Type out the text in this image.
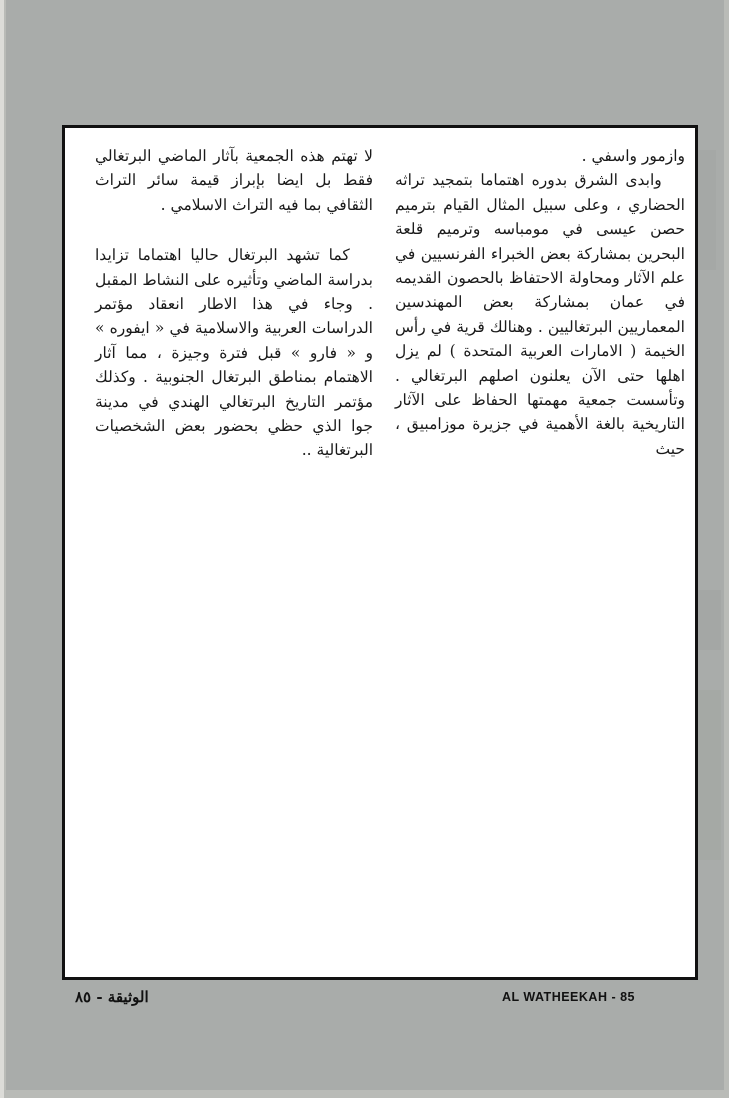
وازمور واسفي .

وابدى الشرق بدوره اهتماما بتمجيد تراثه الحضاري ، وعلى سبيل المثال القيام بترميم حصن عيسى في مومباسه وترميم قلعة البحرين بمشاركة بعض الخبراء الفرنسيين في علم الآثار ومحاولة الاحتفاظ بالحصون القديمه في عمان بمشاركة بعض المهندسين المعماريين البرتغاليين . وهنالك قرية في رأس الخيمة ( الامارات العربية المتحدة ) لم يزل اهلها حتى الآن يعلنون اصلهم البرتغالي . وتأسست جمعية مهمتها الحفاظ على الآثار التاريخية بالغة الأهمية في جزيرة موزامبيق ، حيث

لا تهتم هذه الجمعية بآثار الماضي البرتغالي فقط بل ايضا بإبراز قيمة سائر التراث الثقافي بما فيه التراث الاسلامي .

كما تشهد البرتغال حاليا اهتماما تزايدا بدراسة الماضي وتأثيره على النشاط المقبل . وجاء في هذا الاطار انعقاد مؤتمر الدراسات العربية والاسلامية في « ايفوره » و « فارو » قبل فترة وجيزة ، مما آثار الاهتمام بمناطق البرتغال الجنوبية . وكذلك مؤتمر التاريخ البرتغالي الهندي في مدينة جوا الذي حظي بحضور بعض الشخصيات البرتغالية ..

الوثيقة - ٨٥	AL WATHEEKAH - 85
